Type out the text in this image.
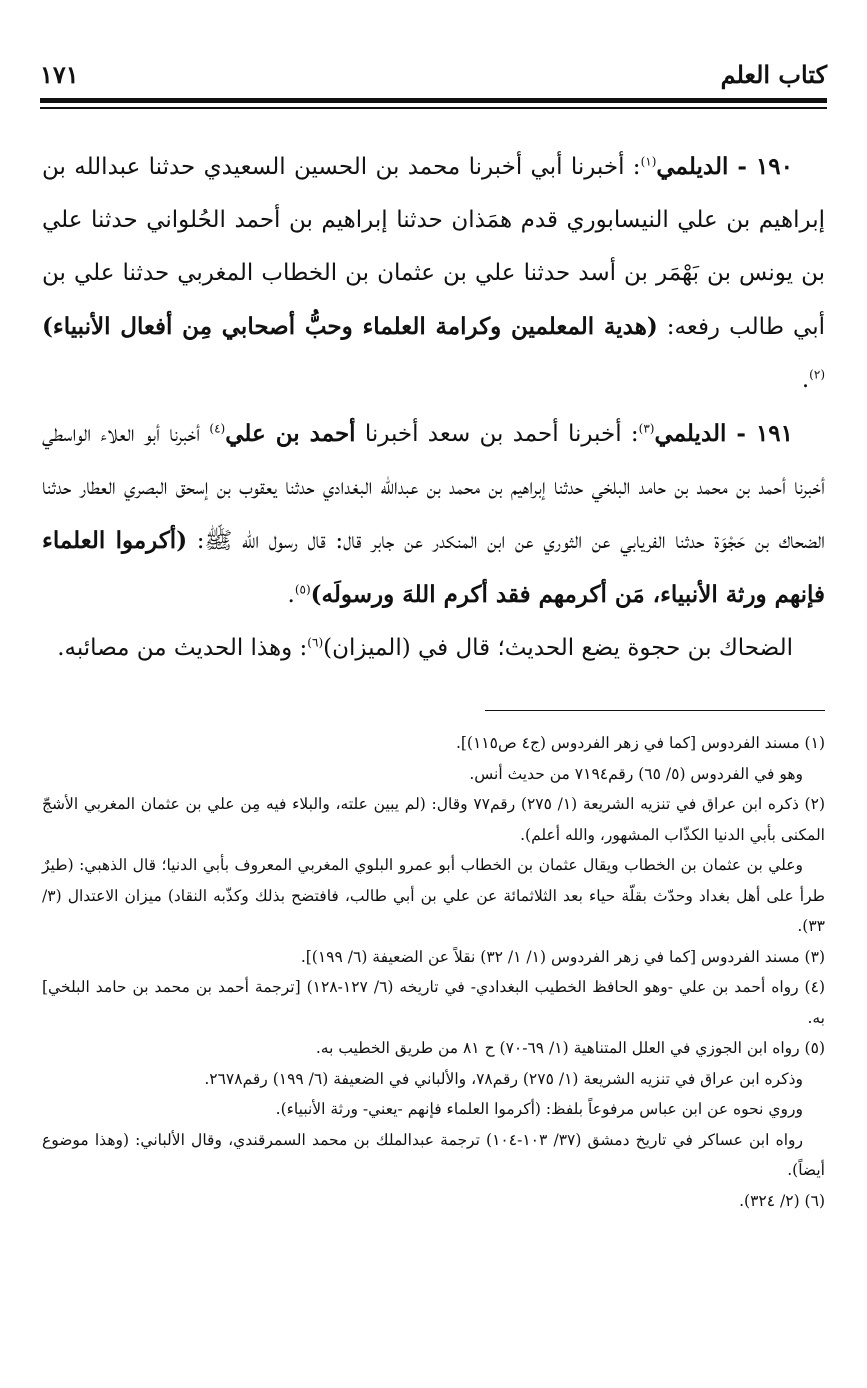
كتاب العلم
١٧١

١٩٠ - الديلمي$^{(١)}$: أخبرنا أبي أخبرنا محمد بن الحسين السعيدي حدثنا عبدالله بن إبراهيم بن علي النيسابوري قدم همَذان حدثنا إبراهيم بن أحمد الحُلواني حدثنا علي بن يونس بن بَهْمَر بن أسد حدثنا علي بن عثمان بن الخطاب المغربي حدثنا علي بن أبي طالب رفعه: (هدية المعلمين وكرامة العلماء وحبُّ أصحابي مِن أفعال الأنبياء)$^{(٢)}$.

١٩١ - الديلمي$^{(٣)}$: أخبرنا أحمد بن سعد أخبرنا أحمد بن علي$^{(٤)}$ أخبرنا أبو العلاء الواسطي أخبرنا أحمد بن محمد بن حامد البلخي حدثنا إبراهيم بن محمد بن عبدالله البغدادي حدثنا يعقوب بن إسحق البصري العطار حدثنا الضحاك بن حَجْوَة حدثنا الفريابي عن الثوري عن ابن المنكدر عن جابر قال: قال رسول الله ﷺ: (أكرموا العلماء فإنهم ورثة الأنبياء، مَن أكرمهم فقد أكرم اللهَ ورسولَه)$^{(٥)}$.

الضحاك بن حجوة يضع الحديث؛ قال في (الميزان)$^{(٦)}$: وهذا الحديث من مصائبه.

(١) مسند الفردوس [كما في زهر الفردوس (ج٤ ص١١٥)].

وهو في الفردوس (٥/ ٦٥) رقم٧١٩٤ من حديث أنس.

(٢) ذكره ابن عراق في تنزيه الشريعة (١/ ٢٧٥) رقم٧٧ وقال: (لم يبين علته، والبلاء فيه مِن علي بن عثمان المغربي الأشجّ المكنى بأبي الدنيا الكذّاب المشهور، والله أعلم).

وعلي بن عثمان بن الخطاب ويقال عثمان بن الخطاب أبو عمرو البلوي المغربي المعروف بأبي الدنيا؛ قال الذهبي: (طيرٌ طرأ على أهل بغداد وحدّث بقلّة حياء بعد الثلاثمائة عن علي بن أبي طالب، فافتضح بذلك وكذّبه النقاد) ميزان الاعتدال (٣/ ٣٣).

(٣) مسند الفردوس [كما في زهر الفردوس (١/ ١/ ٣٢) نقلاً عن الضعيفة (٦/ ١٩٩)].

(٤) رواه أحمد بن علي -وهو الحافظ الخطيب البغدادي- في تاريخه (٦/ ١٢٧-١٢٨) [ترجمة أحمد بن محمد بن حامد البلخي] به.

(٥) رواه ابن الجوزي في العلل المتناهية (١/ ٦٩-٧٠) ح ٨١ من طريق الخطيب به.

وذكره ابن عراق في تنزيه الشريعة (١/ ٢٧٥) رقم٧٨، والألباني في الضعيفة (٦/ ١٩٩) رقم٢٦٧٨.

وروي نحوه عن ابن عباس مرفوعاً بلفظ: (أكرموا العلماء فإنهم -يعني- ورثة الأنبياء).

رواه ابن عساكر في تاريخ دمشق (٣٧/ ١٠٣-١٠٤) ترجمة عبدالملك بن محمد السمرقندي، وقال الألباني: (وهذا موضوع أيضاً).

(٦) (٢/ ٣٢٤).
